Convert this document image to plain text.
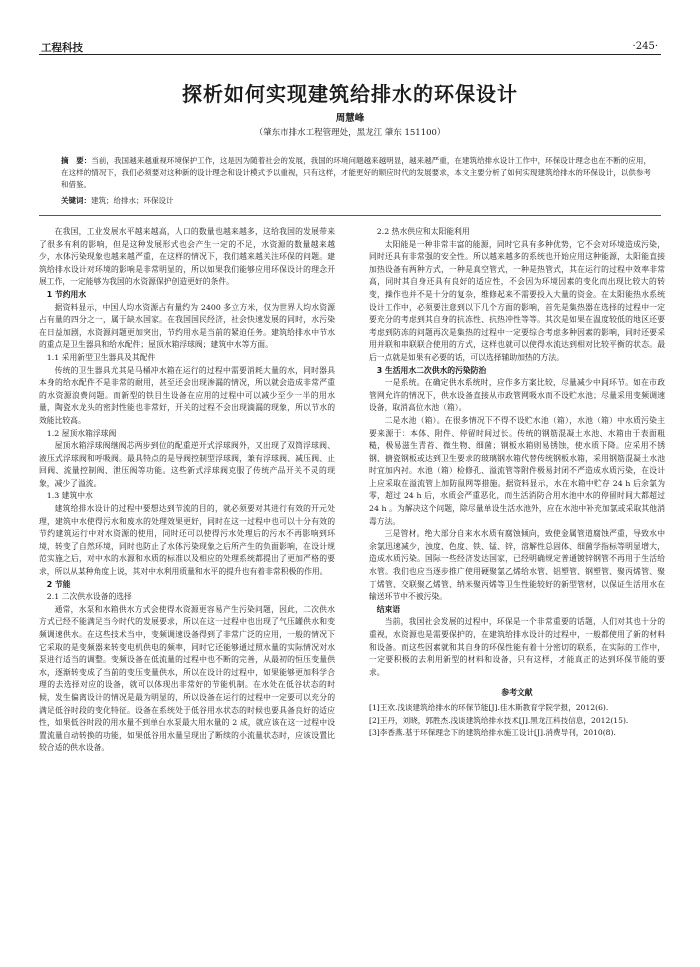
工程科技	·245·
探析如何实现建筑给排水的环保设计
周慧峰
（肇东市排水工程管理处，黑龙江 肇东 151100）
摘　要：当前，我国越来越重视环境保护工作，这是因为随着社会的发展，我国的环境问题越来越明显，越来越严重，在建筑给排水设计工作中，环保设计理念也在不断的应用，在这样的情况下，我们必须要对这种新的设计理念和设计模式予以重视，只有这样，才能更好的顺应时代的发展要求，本文主要分析了如何实现建筑给排水的环保设计，以供参考和借鉴。
关键词：建筑；给排水；环保设计

在我国，工业发展水平越来越高，人口的数量也越来越多，这给我国的发展带来了很多有利的影响，但是这种发展形式也会产生一定的不足，水资源的数量越来越少，水体污染现象也越来越严重，在这样的情况下，我们越来越关注环保的问题。建筑给排水设计对环境的影响是非常明显的，所以如果我们能够应用环保设计的理念开展工作，一定能够为我国的水资源保护创造更好的条件。

1 节约用水

据资料显示，中国人均水资源占有量约为 2400 多立方米，仅为世界人均水资源占有量的四分之一，属于缺水国家。在我国国民经济，社会快速发展的同时，水污染在日益加剧，水资源问题更加突出，节约用水是当前的紧迫任务。建筑给排水中节水的重点是卫生器具和给水配件；屋顶水箱浮球阀；建筑中水等方面。

1.1 采用新型卫生器具及其配件

传统的卫生器具尤其是马桶冲水箱在运行的过程中需要消耗大量的水，同时器具本身的给水配件不是非常的耐用，甚至还会出现渗漏的情况，所以就会造成非常严重的水资源浪费问题。而新型的铁目生设备在应用的过程中可以减少至少一半的用水量，陶瓷水龙头的密封性能也非常好，开关的过程不会出现滴漏的现象，所以节水的效能比较高。

1.2 屋顶水箱浮球阀

屋顶水箱浮球阀继阀芯两步到位的配重逆开式浮球阀外，又出现了双筒浮球阀、液压式浮球阀和呼吸阀。最具特点的是导阀控制型浮球阀，兼有浮球阀、减压阀、止回阀、流量控制阀、泄压阀等功能。这些新式浮球阀克服了传统产品开关不灵的现象，减少了溢流。

1.3 建筑中水

建筑给排水设计的过程中要想达到节流的目的，就必须要对其进行有效的开元处理，建筑中水使得污水和废水的处理效果更好，同时在这一过程中也可以十分有效的节约建筑运行中对水资源的使用，同时还可以使得污水处理后的污水不再影响到环境，转变了自然环境，同时也防止了水体污染现象之后所产生的负面影响，在设计规范实施之后，对中水的水源和水质的标准以及相应的处理系统都提出了更加严格的要求，所以从某种角度上说，其对中水利用质量和水平的提升也有着非常积极的作用。

2 节能

2.1 二次供水设备的选择

通常，水泵和水箱供水方式会使得水资源更容易产生污染问题，因此，二次供水方式已经不能满足当今时代的发展要求，所以在这一过程中也出现了气压罐供水和变频调速供水。在这些技术当中，变频调速设备得到了非常广泛的应用，一般的情况下它采取的是变频器来转变电机供电的频率，同时它还能够通过照水量的实际情况对水泵进行适当的调整。变频设备在低流量的过程中也不断的完善，从最初的恒压变量供水，逐渐转变成了当前的变压变量供水，所以在设计的过程中，如果能够更加科学合理的去选择对应的设备，就可以体现出非常好的节能机制。在水处在低谷状态的时候，发生偏离设计的情况是最为明显的，所以设备在运行的过程中一定要可以充分的满足低谷时段的变化特征。设备在系统处于低谷用水状态的时候也要具备良好的适应性，如果低谷时段的用水量不到单台水泵最大用水量的 2 成，就应该在这一过程中设置流量自动转换的功能，如果低谷用水量呈现出了断续的小流量状态时，应该设置比较合适的供水设备。

2.2 热水供应和太阳能利用

太阳能是一种非常丰富的能源，同时它具有多种优势，它不会对环境造成污染，同时还具有非常强的安全性。所以越来越多的系统也开始应用这种能源，太阳能直接加热设备有两种方式，一种是真空管式，一种是热管式，其在运行的过程中效率非常高，同时其自身还具有良好的适应性，不会因为环境因素的变化而出现比较大的转变，操作也并不是十分的复杂，维修起来不需要投入大量的资金。在太阳能热水系统设计工作中，必须要注意到以下几个方面的影响，首先是集热器在选择的过程中一定要充分的考虑到其自身的抗冻性、抗热冲性等等。其次是如果在温度较低的地区还要考虑到防冻的问题再次是集热的过程中一定要综合考虑多种因素的影响，同时还要采用并联和串联联合使用的方式，这样也就可以使得水流达到相对比较平衡的状态。最后一点就是如果有必要的话，可以选择辅助加热的方法。

3 生活用水二次供水的污染防治

一是系统。在确定供水系统时，应作多方案比较，尽量减少中间环节。如在市政管网允许的情况下，供水设备直接从市政管网吸水而不设贮水池；尽量采用变频调速设备，取消高位水池（箱）。

二是水池（箱）。在很多情况下不得不设贮水池（箱），水池（箱）中水质污染主要来源于：本体、附件、停留时间过长。传统的钢筋混凝土水池、水箱由于表面粗糙，极易滋生青苔、微生物、细菌；钢板水箱则易锈蚀，使水质下降。应采用不锈钢、搪瓷钢板或达到卫生要求的玻璃钢水箱代替传统钢板水箱，采用钢筋混凝土水池时宜加内衬。水池（箱）检修孔、溢流管等附件极易封闭不严造成水质污染，在设计上应采取在溢流管上加防鼠网等措施。据资料显示，水在水箱中贮存 24 h 后余氯为零，超过 24 h 后，水质会严重恶化，而生活消防合用水池中水的停留时间大都超过 24 h 。为解决这个问题，除尽量单设生活水池外，应在水池中补充加氯或采取其他消毒方法。

三是管材。绝大部分自来水水质有腐蚀倾向，致使金属管道腐蚀严重，导致水中余氯迅速减少，浊度、色度、铁、锰、锌，溶解性总固体、细菌学指标等明显增大，造成水质污染。国际一些经济发达国家，已经明确规定普通镀锌钢管不再用于生活给水管。我们也应当逐步推广使用硬聚氯乙烯给水管、铝塑管、钢塑管、聚丙烯管、聚丁烯管、交联聚乙烯管、纳米聚丙烯等卫生性能较好的新型管材，以保证生活用水在输送环节中不被污染。

结束语

当前，我国社会发展的过程中，环保是一个非常重要的话题，人们对其也十分的重视，水资源也是需要保护的，在建筑给排水设计的过程中，一般都使用了新的材料和设备。而这些因素就和其自身的环保性能有着十分密切的联系，在实际的工作中，一定要积极的去利用新型的材料和设备，只有这样，才能真正的达到环保节能的要求。

参考文献

[1]王欢.浅谈建筑给排水的环保节能[J].佳木斯教育学院学报，2012(6).
[2]王丹，刘晓，郭胜杰.浅谈建筑给排水技术[J].黑龙江科技信息，2012(15).
[3]李香燕.基于环保理念下的建筑给排水施工设计[J].消费导刊，2010(8).
